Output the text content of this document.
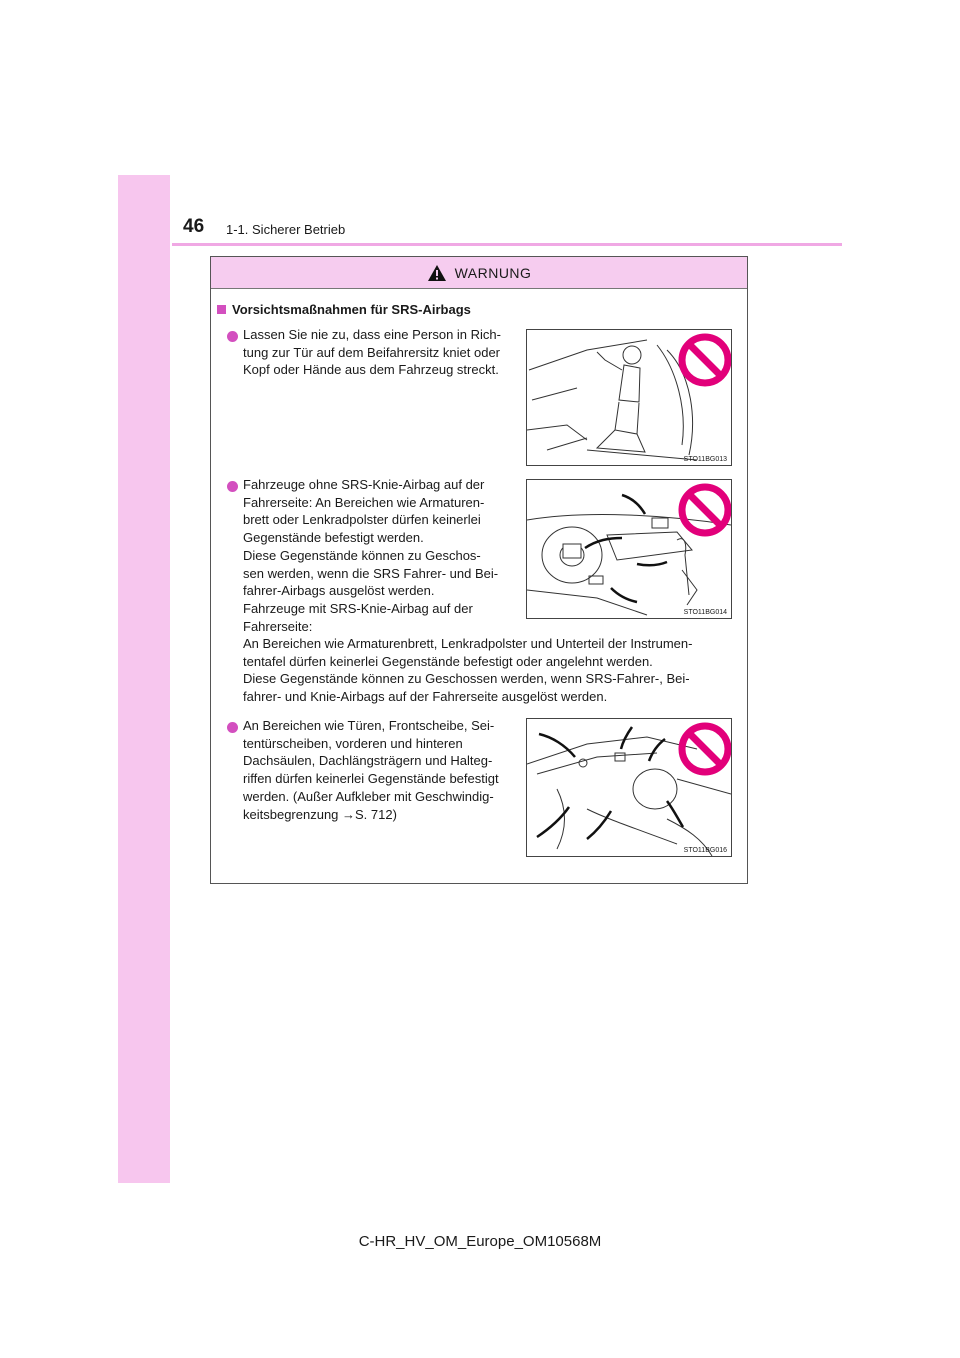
46 1-1. Sicherer Betrieb
WARNUNG
Vorsichtsmaßnahmen für SRS-Airbags
Lassen Sie nie zu, dass eine Person in Rich-
tung zur Tür auf dem Beifahrersitz kniet oder
Kopf oder Hände aus dem Fahrzeug streckt.
STO11BG013
Fahrzeuge ohne SRS-Knie-Airbag auf der
Fahrerseite: An Bereichen wie Armaturen-
brett oder Lenkradpolster dürfen keinerlei
Gegenstände befestigt werden.
Diese Gegenstände können zu Geschos-
sen werden, wenn die SRS Fahrer- und Bei-
fahrer-Airbags ausgelöst werden.
Fahrzeuge mit SRS-Knie-Airbag auf der
Fahrerseite:
An Bereichen wie Armaturenbrett, Lenkradpolster und Unterteil der Instrumen-
tentafel dürfen keinerlei Gegenstände befestigt oder angelehnt werden.
Diese Gegenstände können zu Geschossen werden, wenn SRS-Fahrer-, Bei-
fahrer- und Knie-Airbags auf der Fahrerseite ausgelöst werden.
STO11BG014
An Bereichen wie Türen, Frontscheibe, Sei-
tentürscheiben, vorderen und hinteren
Dachsäulen, Dachlängsträgern und Halteg-
riffen dürfen keinerlei Gegenstände befestigt
werden. (Außer Aufkleber mit Geschwindig-
keitsbegrenzung →S. 712)
STO11BG016
C-HR_HV_OM_Europe_OM10568M
